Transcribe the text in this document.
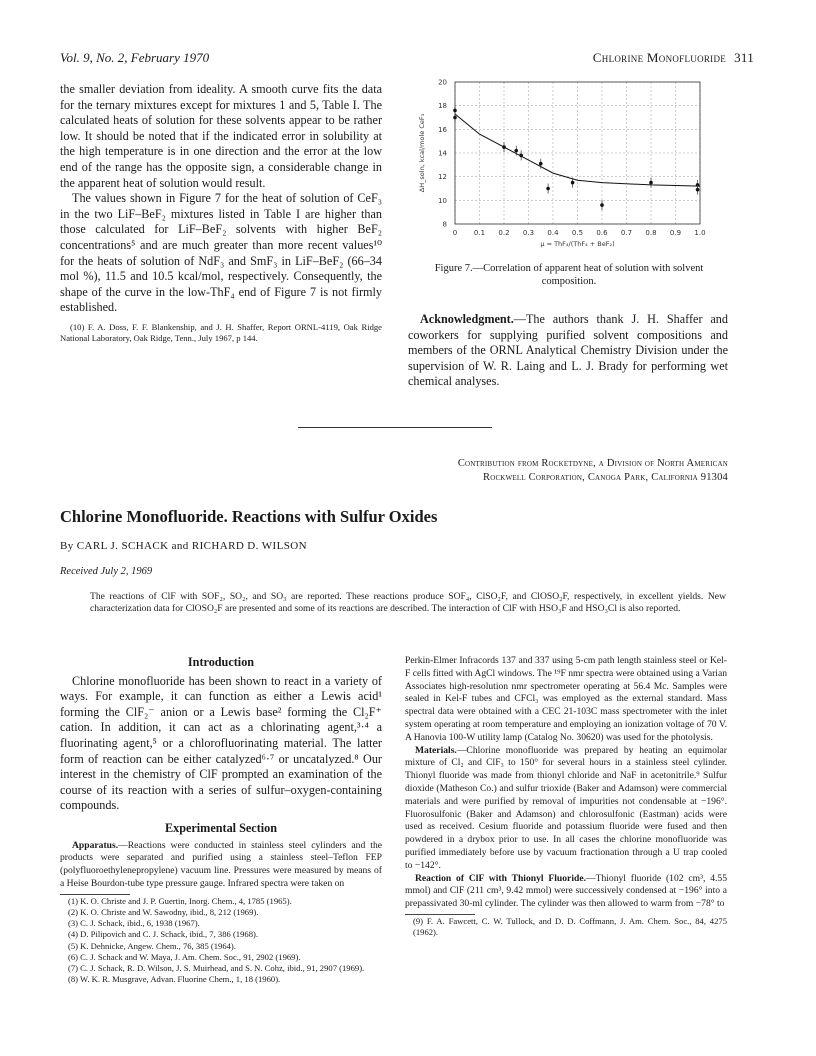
Vol. 9, No. 2, February 1970	Chlorine Monofluoride 311

the smaller deviation from ideality. A smooth curve fits the data for the ternary mixtures except for mixtures 1 and 5, Table I. The calculated heats of solution for these solvents appear to be rather low. It should be noted that if the indicated error in solubility at the high temperature is in one direction and the error at the low end of the range has the opposite sign, a considerable change in the apparent heat of solution would result.

The values shown in Figure 7 for the heat of solution of CeF₃ in the two LiF–BeF₂ mixtures listed in Table I are higher than those calculated for LiF–BeF₂ solvents with higher BeF₂ concentrations⁵ and are much greater than more recent values¹⁰ for the heats of solution of NdF₃ and SmF₃ in LiF–BeF₂ (66–34 mol %), 11.5 and 10.5 kcal/mol, respectively. Consequently, the shape of the curve in the low-ThF₄ end of Figure 7 is not firmly established.

(10) F. A. Doss, F. F. Blankenship, and J. H. Shaffer, Report ORNL-4119, Oak Ridge National Laboratory, Oak Ridge, Tenn., July 1967, p 144.
0 0.1 0.2 0.3 0.4 0.5 0.6 0.7 0.8 0.9 1.0
8
10
12
14
16
18
20
μ = ThF₄/(ThF₄ + BeF₂)
ΔH_soln, kcal/mole CeF₃
Figure 7.—Correlation of apparent heat of solution with solvent composition.

Acknowledgment.—The authors thank J. H. Shaffer and coworkers for supplying purified solvent compositions and members of the ORNL Analytical Chemistry Division under the supervision of W. R. Laing and L. J. Brady for performing wet chemical analyses.

Contribution from Rocketdyne, a Division of North American
Rockwell Corporation, Canoga Park, California 91304
Chlorine Monofluoride. Reactions with Sulfur Oxides
By CARL J. SCHACK and RICHARD D. WILSON
Received July 2, 1969
The reactions of ClF with SOF₂, SO₂, and SO₃ are reported. These reactions produce SOF₄, ClSO₂F, and ClOSO₂F, respectively, in excellent yields. New characterization data for ClOSO₂F are presented and some of its reactions are described. The interaction of ClF with HSO₃F and HSO₃Cl is also reported.
Introduction

Chlorine monofluoride has been shown to react in a variety of ways. For example, it can function as either a Lewis acid¹ forming the ClF₂⁻ anion or a Lewis base² forming the Cl₂F⁺ cation. In addition, it can act as a chlorinating agent,³·⁴ a fluorinating agent,⁵ or a chlorofluorinating material. The latter form of reaction can be either catalyzed⁶·⁷ or uncatalyzed.⁸ Our interest in the chemistry of ClF prompted an examination of the course of its reaction with a series of sulfur–oxygen-containing compounds.

Experimental Section

Apparatus.—Reactions were conducted in stainless steel cylinders and the products were separated and purified using a stainless steel–Teflon FEP (polyfluoroethylenepropylene) vacuum line. Pressures were measured by means of a Heise Bourdon-tube type pressure gauge. Infrared spectra were taken on

(1) K. O. Christe and J. P. Guertin, Inorg. Chem., 4, 1785 (1965).
(2) K. O. Christe and W. Sawodny, ibid., 8, 212 (1969).
(3) C. J. Schack, ibid., 6, 1938 (1967).
(4) D. Pilipovich and C. J. Schack, ibid., 7, 386 (1968).
(5) K. Dehnicke, Angew. Chem., 76, 385 (1964).
(6) C. J. Schack and W. Maya, J. Am. Chem. Soc., 91, 2902 (1969).
(7) C. J. Schack, R. D. Wilson, J. S. Muirhead, and S. N. Cohz, ibid., 91, 2907 (1969).
(8) W. K. R. Musgrave, Advan. Fluorine Chem., 1, 18 (1960).

Perkin-Elmer Infracords 137 and 337 using 5-cm path length stainless steel or Kel-F cells fitted with AgCl windows. The ¹⁹F nmr spectra were obtained using a Varian Associates high-resolution nmr spectrometer operating at 56.4 Mc. Samples were sealed in Kel-F tubes and CFCl₃ was employed as the external standard. Mass spectral data were obtained with a CEC 21-103C mass spectrometer with the inlet system operating at room temperature and employing an ionization voltage of 70 V. A Hanovia 100-W utility lamp (Catalog No. 30620) was used for the photolysis.

Materials.—Chlorine monofluoride was prepared by heating an equimolar mixture of Cl₂ and ClF₃ to 150° for several hours in a stainless steel cylinder. Thionyl fluoride was made from thionyl chloride and NaF in acetonitrile.⁹ Sulfur dioxide (Matheson Co.) and sulfur trioxide (Baker and Adamson) were commercial materials and were purified by removal of impurities not condensable at −196°. Fluorosulfonic (Baker and Adamson) and chlorosulfonic (Eastman) acids were used as received. Cesium fluoride and potassium fluoride were fused and then powdered in a drybox prior to use. In all cases the chlorine monofluoride was purified immediately before use by vacuum fractionation through a U trap cooled to −142°.

Reaction of ClF with Thionyl Fluoride.—Thionyl fluoride (102 cm³, 4.55 mmol) and ClF (211 cm³, 9.42 mmol) were successively condensed at −196° into a prepassivated 30-ml cylinder. The cylinder was then allowed to warm from −78° to

(9) F. A. Fawcett, C. W. Tullock, and D. D. Coffmann, J. Am. Chem. Soc., 84, 4275 (1962).
